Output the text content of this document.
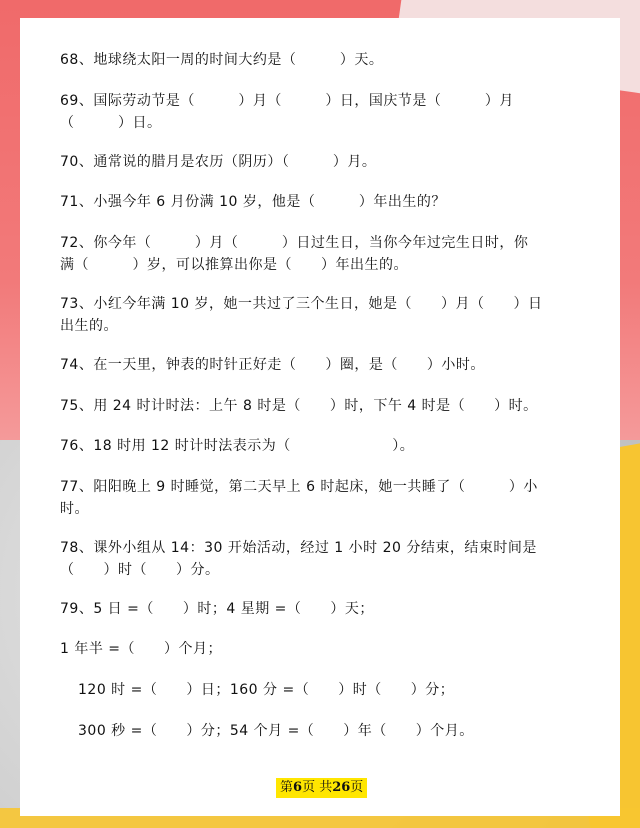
68、地球绕太阳一周的时间大约是（　　　）天。
69、国际劳动节是（　　　）月（　　　）日，国庆节是（　　　）月
（　　　）日。
70、通常说的腊月是农历（阴历）（　　　）月。
71、小强今年 6 月份满 10 岁，他是（　　　）年出生的？
72、你今年（　　　）月（　　　）日过生日，当你今年过完生日时，你
满（　　　）岁，可以推算出你是（　　）年出生的。
73、小红今年满 10 岁，她一共过了三个生日，她是（　　）月（　　）日
出生的。
74、在一天里，钟表的时针正好走（　　）圈，是（　　）小时。
75、用 24 时计时法：上午 8 时是（　　）时，下午 4 时是（　　）时。
76、18 时用 12 时计时法表示为（　　　　　　　）。
77、阳阳晚上 9 时睡觉，第二天早上 6 时起床，她一共睡了（　　　）小
时。
78、课外小组从 14：30 开始活动，经过 1 小时 20 分结束，结束时间是
（　　）时（　　）分。
79、5 日 =（　　）时；4 星期 =（　　）天；
1 年半 =（　　）个月；
120 时 =（　　）日；160 分 =（　　）时（　　）分；
300 秒 =（　　）分；54 个月 =（　　）年（　　）个月。
第6页 共26页
